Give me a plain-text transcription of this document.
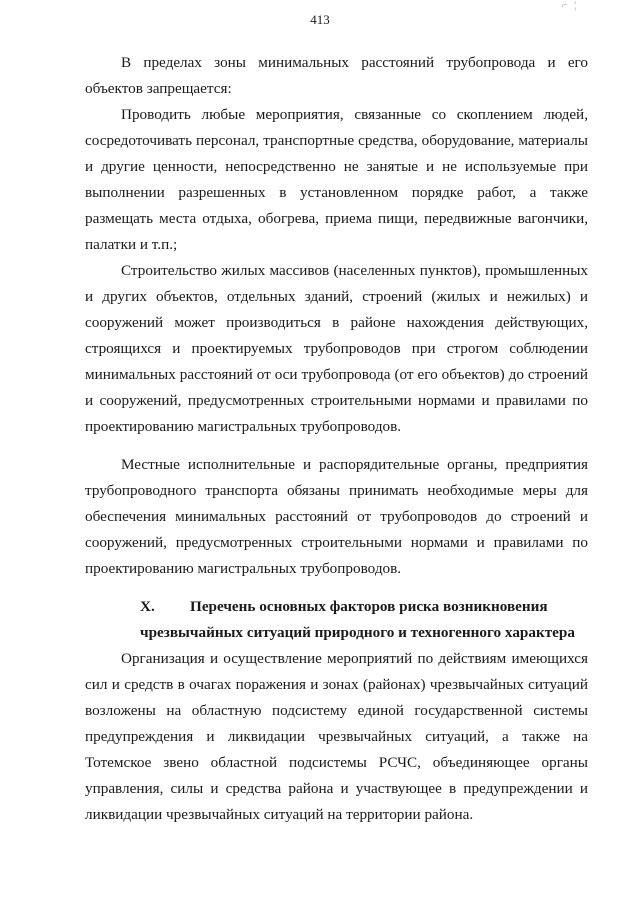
⌐ ¦
413

В пределах зоны минимальных расстояний трубопровода и его объектов запрещается:

Проводить любые мероприятия, связанные со скоплением людей, сосредоточивать персонал, транспортные средства, оборудование, материалы и другие ценности, непосредственно не занятые и не используемые при выполнении разрешенных в установленном порядке работ, а также размещать места отдыха, обогрева, приема пищи, передвижные вагончики, палатки и т.п.;

Строительство жилых массивов (населенных пунктов), промышленных и других объектов, отдельных зданий, строений (жилых и нежилых) и сооружений может производиться в районе нахождения действующих, строящихся и проектируемых трубопроводов при строгом соблюдении минимальных расстояний от оси трубопровода (от его объектов) до строений и сооружений, предусмотренных строительными нормами и правилами по проектированию магистральных трубопроводов.

Местные исполнительные и распорядительные органы, предприятия трубопроводного транспорта обязаны принимать необходимые меры для обеспечения минимальных расстояний от трубопроводов до строений и сооружений, предусмотренных строительными нормами и правилами по проектированию магистральных трубопроводов.

X.	Перечень основных факторов риска возникновения
чрезвычайных ситуаций природного и техногенного характера

Организация и осуществление мероприятий по действиям имеющихся сил и средств в очагах поражения и зонах (районах) чрезвычайных ситуаций возложены на областную подсистему единой государственной системы предупреждения и ликвидации чрезвычайных ситуаций, а также на Тотемское звено областной подсистемы РСЧС, объединяющее органы управления, силы и средства района и участвующее в предупреждении и ликвидации чрезвычайных ситуаций на территории района.
